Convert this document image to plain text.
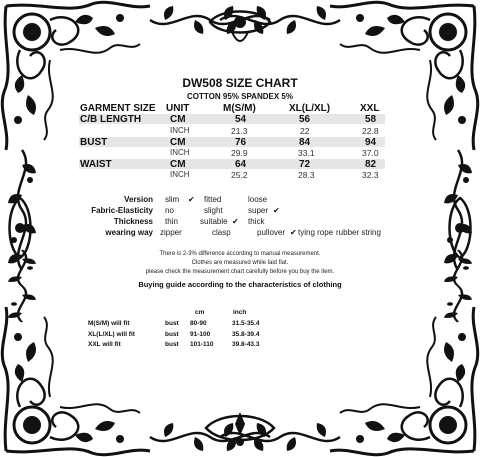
DW508 SIZE CHART
COTTON 95% SPANDEX 5%
GARMENT SIZE UNIT	M(S/M)	XL(L/XL)	XXL
C/B LENGTH	CM	54	56	58
INCH	21.3	22	22.8
BUST	CM	76	84	94
INCH	29.9	33.1	37.0
WAIST	CM	64	72	82
INCH	25.2	28.3	32.3
Version slim ✔ fitted	loose
Fabric-Elasticity no	slight	super ✔
Thickness thin	suitable ✔ thick
wearing way zipper	clasp	pullover ✔ tying rope rubber string
There is 2-3% difference according to manual measurement.
Clothes are measured while laid flat.
please check the measurement chart carefully before you buy the item.
Buying guide according to the characteristics of clothing
cm	inch
M(S/M) will fit	bust 80-90	31.5-35.4
XL(L/XL) will fit	bust 91-100	35.8-39.4
XXL will fit	bust 101-110	39.8-43.3
